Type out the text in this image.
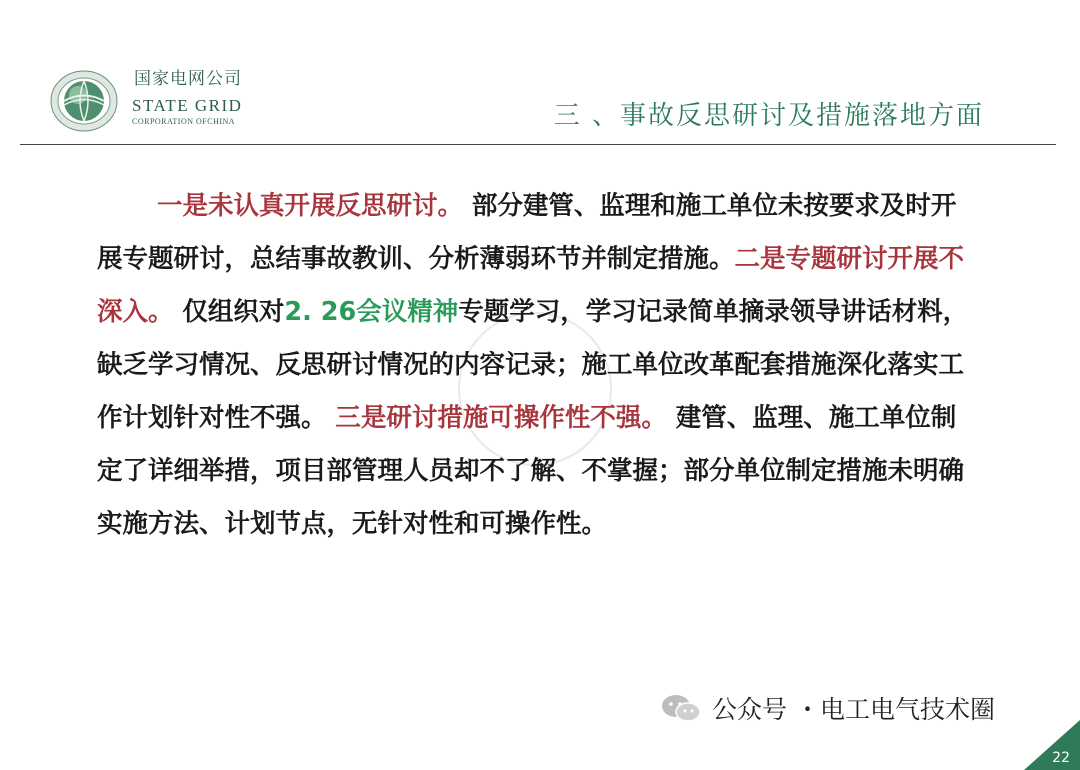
国家电网公司
STATE GRID
CORPORATION OFCHINA	三 、事故反思研讨及措施落地方面
一是未认真开展反思研讨。 部分建管、监理和施工单位未按要求及时开展专题研讨，总结事故教训、分析薄弱环节并制定措施。二是专题研讨开展不深入。 仅组织对2. 26会议精神专题学习，学习记录简单摘录领导讲话材料，缺乏学习情况、反思研讨情况的内容记录；施工单位改革配套措施深化落实工作计划针对性不强。 三是研讨措施可操作性不强。 建管、监理、施工单位制定了详细举措，项目部管理人员却不了解、不掌握；部分单位制定措施未明确实施方法、计划节点，无针对性和可操作性。
公众号 ・电工电气技术圈
22
